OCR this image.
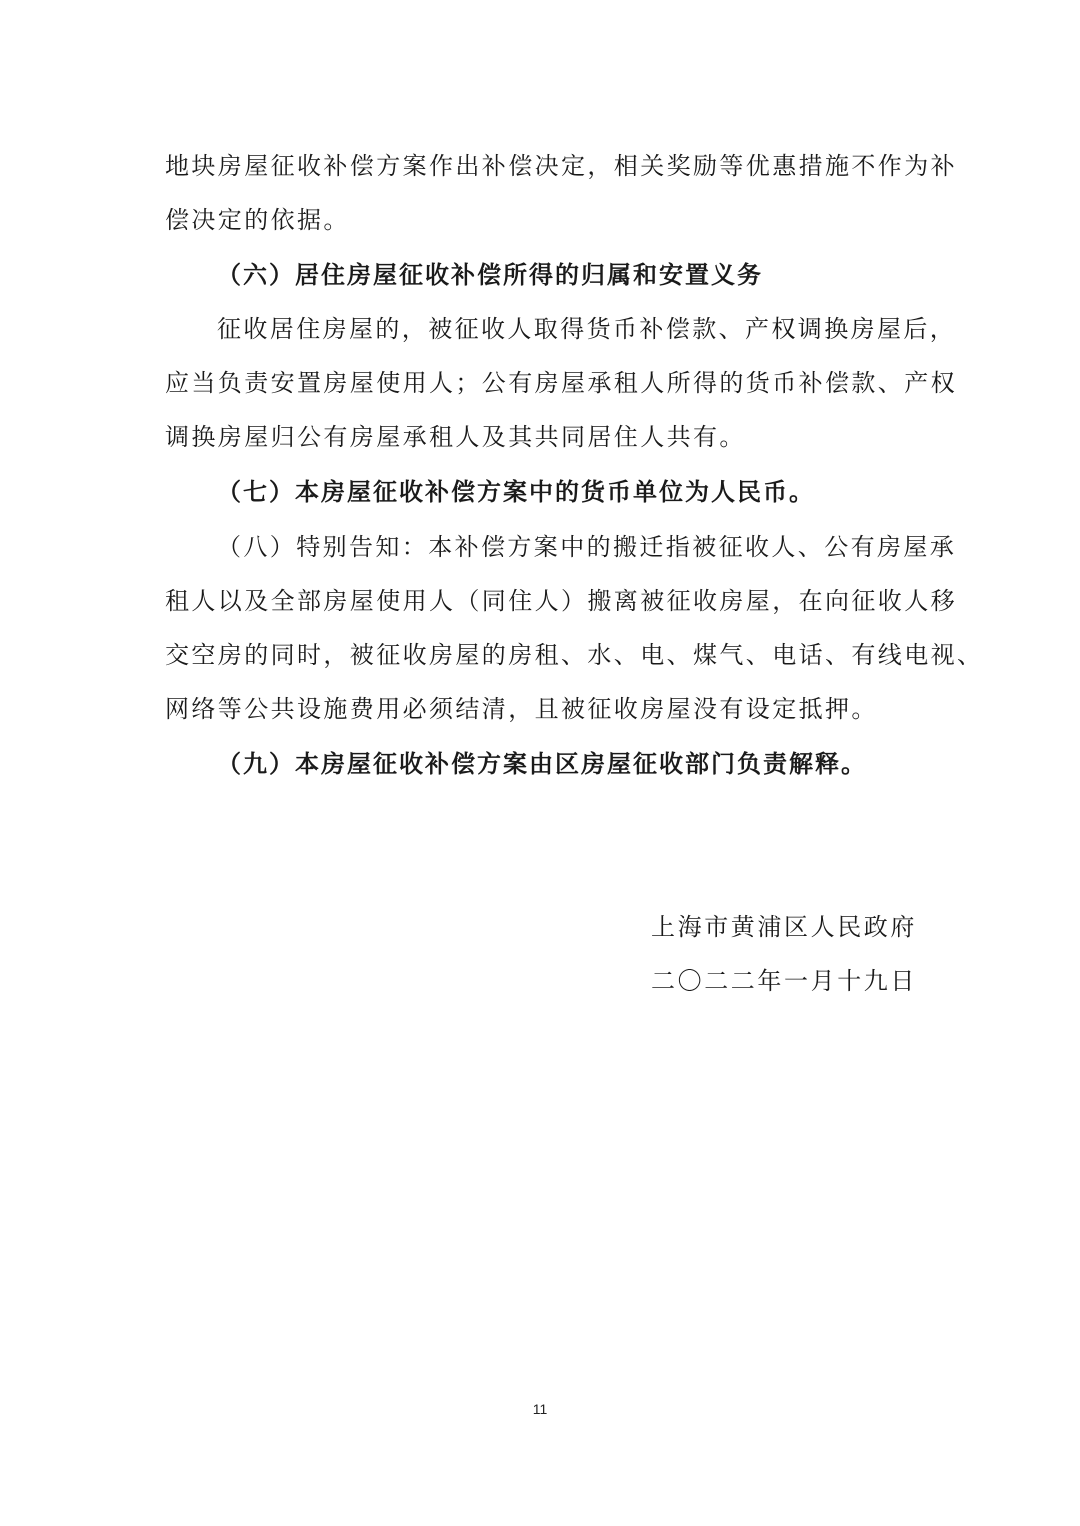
地块房屋征收补偿方案作出补偿决定，相关奖励等优惠措施不作为补
偿决定的依据。
（六）居住房屋征收补偿所得的归属和安置义务
征收居住房屋的，被征收人取得货币补偿款、产权调换房屋后，
应当负责安置房屋使用人；公有房屋承租人所得的货币补偿款、产权
调换房屋归公有房屋承租人及其共同居住人共有。
（七）本房屋征收补偿方案中的货币单位为人民币。
（八）特别告知：本补偿方案中的搬迁指被征收人、公有房屋承
租人以及全部房屋使用人（同住人）搬离被征收房屋，在向征收人移
交空房的同时，被征收房屋的房租、水、电、煤气、电话、有线电视、
网络等公共设施费用必须结清，且被征收房屋没有设定抵押。
（九）本房屋征收补偿方案由区房屋征收部门负责解释。
上海市黄浦区人民政府
二〇二二年一月十九日
11
